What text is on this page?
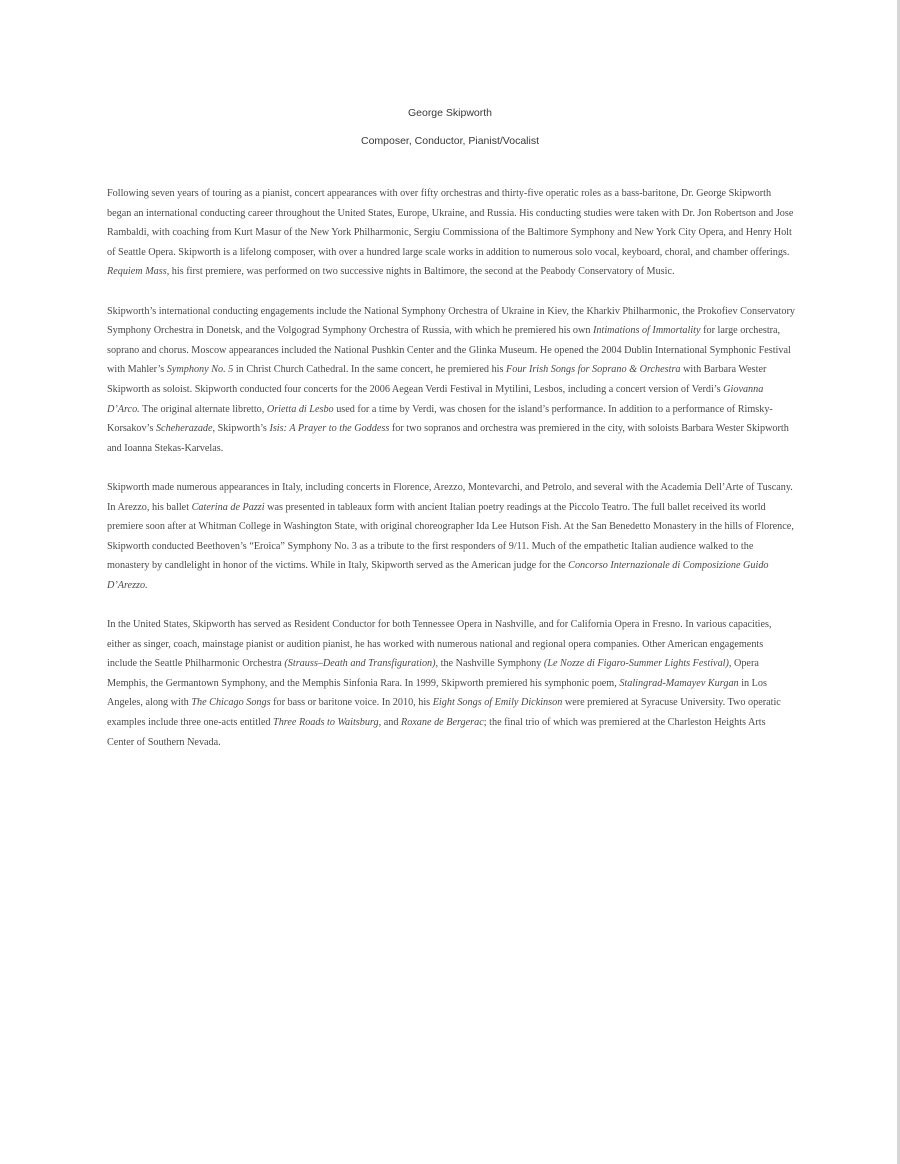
George Skipworth

Composer, Conductor, Pianist/Vocalist

Following seven years of touring as a pianist, concert appearances with over fifty orchestras and thirty-five operatic roles as a bass-baritone, Dr. George Skipworth began an international conducting career throughout the United States, Europe, Ukraine, and Russia. His conducting studies were taken with Dr. Jon Robertson and Jose Rambaldi, with coaching from Kurt Masur of the New York Philharmonic, Sergiu Commissiona of the Baltimore Symphony and New York City Opera, and Henry Holt of Seattle Opera. Skipworth is a lifelong composer, with over a hundred large scale works in addition to numerous solo vocal, keyboard, choral, and chamber offerings. Requiem Mass, his first premiere, was performed on two successive nights in Baltimore, the second at the Peabody Conservatory of Music.

Skipworth’s international conducting engagements include the National Symphony Orchestra of Ukraine in Kiev, the Kharkiv Philharmonic, the Prokofiev Conservatory Symphony Orchestra in Donetsk, and the Volgograd Symphony Orchestra of Russia, with which he premiered his own Intimations of Immortality for large orchestra, soprano and chorus. Moscow appearances included the National Pushkin Center and the Glinka Museum. He opened the 2004 Dublin International Symphonic Festival with Mahler’s Symphony No. 5 in Christ Church Cathedral. In the same concert, he premiered his Four Irish Songs for Soprano & Orchestra with Barbara Wester Skipworth as soloist. Skipworth conducted four concerts for the 2006 Aegean Verdi Festival in Mytilini, Lesbos, including a concert version of Verdi’s Giovanna D’Arco. The original alternate libretto, Orietta di Lesbo used for a time by Verdi, was chosen for the island’s performance. In addition to a performance of Rimsky-Korsakov’s Scheherazade, Skipworth’s Isis: A Prayer to the Goddess for two sopranos and orchestra was premiered in the city, with soloists Barbara Wester Skipworth and Ioanna Stekas-Karvelas.

Skipworth made numerous appearances in Italy, including concerts in Florence, Arezzo, Montevarchi, and Petrolo, and several with the Academia Dell’Arte of Tuscany. In Arezzo, his ballet Caterina de Pazzi was presented in tableaux form with ancient Italian poetry readings at the Piccolo Teatro. The full ballet received its world premiere soon after at Whitman College in Washington State, with original choreographer Ida Lee Hutson Fish. At the San Benedetto Monastery in the hills of Florence, Skipworth conducted Beethoven’s “Eroica” Symphony No. 3 as a tribute to the first responders of 9/11. Much of the empathetic Italian audience walked to the monastery by candlelight in honor of the victims. While in Italy, Skipworth served as the American judge for the Concorso Internazionale di Composizione Guido D’Arezzo.

In the United States, Skipworth has served as Resident Conductor for both Tennessee Opera in Nashville, and for California Opera in Fresno. In various capacities, either as singer, coach, mainstage pianist or audition pianist, he has worked with numerous national and regional opera companies. Other American engagements include the Seattle Philharmonic Orchestra (Strauss–Death and Transfiguration), the Nashville Symphony (Le Nozze di Figaro-Summer Lights Festival), Opera Memphis, the Germantown Symphony, and the Memphis Sinfonia Rara. In 1999, Skipworth premiered his symphonic poem, Stalingrad-Mamayev Kurgan in Los Angeles, along with The Chicago Songs for bass or baritone voice. In 2010, his Eight Songs of Emily Dickinson were premiered at Syracuse University. Two operatic examples include three one-acts entitled Three Roads to Waitsburg, and Roxane de Bergerac; the final trio of which was premiered at the Charleston Heights Arts Center of Southern Nevada.
